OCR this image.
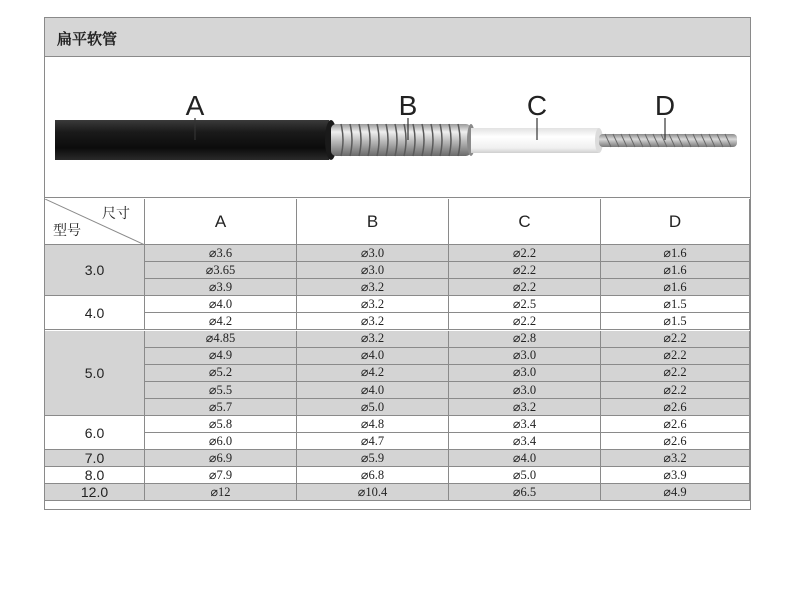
扁平软管
A	B	C	D
尺寸
型号
A	B	C	D
3.0
⌀3.6	⌀3.0	⌀2.2	⌀1.6
⌀3.65	⌀3.0	⌀2.2	⌀1.6
⌀3.9	⌀3.2	⌀2.2	⌀1.6
4.0
⌀4.0	⌀3.2	⌀2.5	⌀1.5
⌀4.2	⌀3.2	⌀2.2	⌀1.5
5.0
⌀4.85	⌀3.2	⌀2.8	⌀2.2
⌀4.9	⌀4.0	⌀3.0	⌀2.2
⌀5.2	⌀4.2	⌀3.0	⌀2.2
⌀5.5	⌀4.0	⌀3.0	⌀2.2
⌀5.7	⌀5.0	⌀3.2	⌀2.6
6.0
⌀5.8	⌀4.8	⌀3.4	⌀2.6
⌀6.0	⌀4.7	⌀3.4	⌀2.6
7.0	⌀6.9	⌀5.9	⌀4.0	⌀3.2
8.0	⌀7.9	⌀6.8	⌀5.0	⌀3.9
12.0	⌀12	⌀10.4	⌀6.5	⌀4.9
